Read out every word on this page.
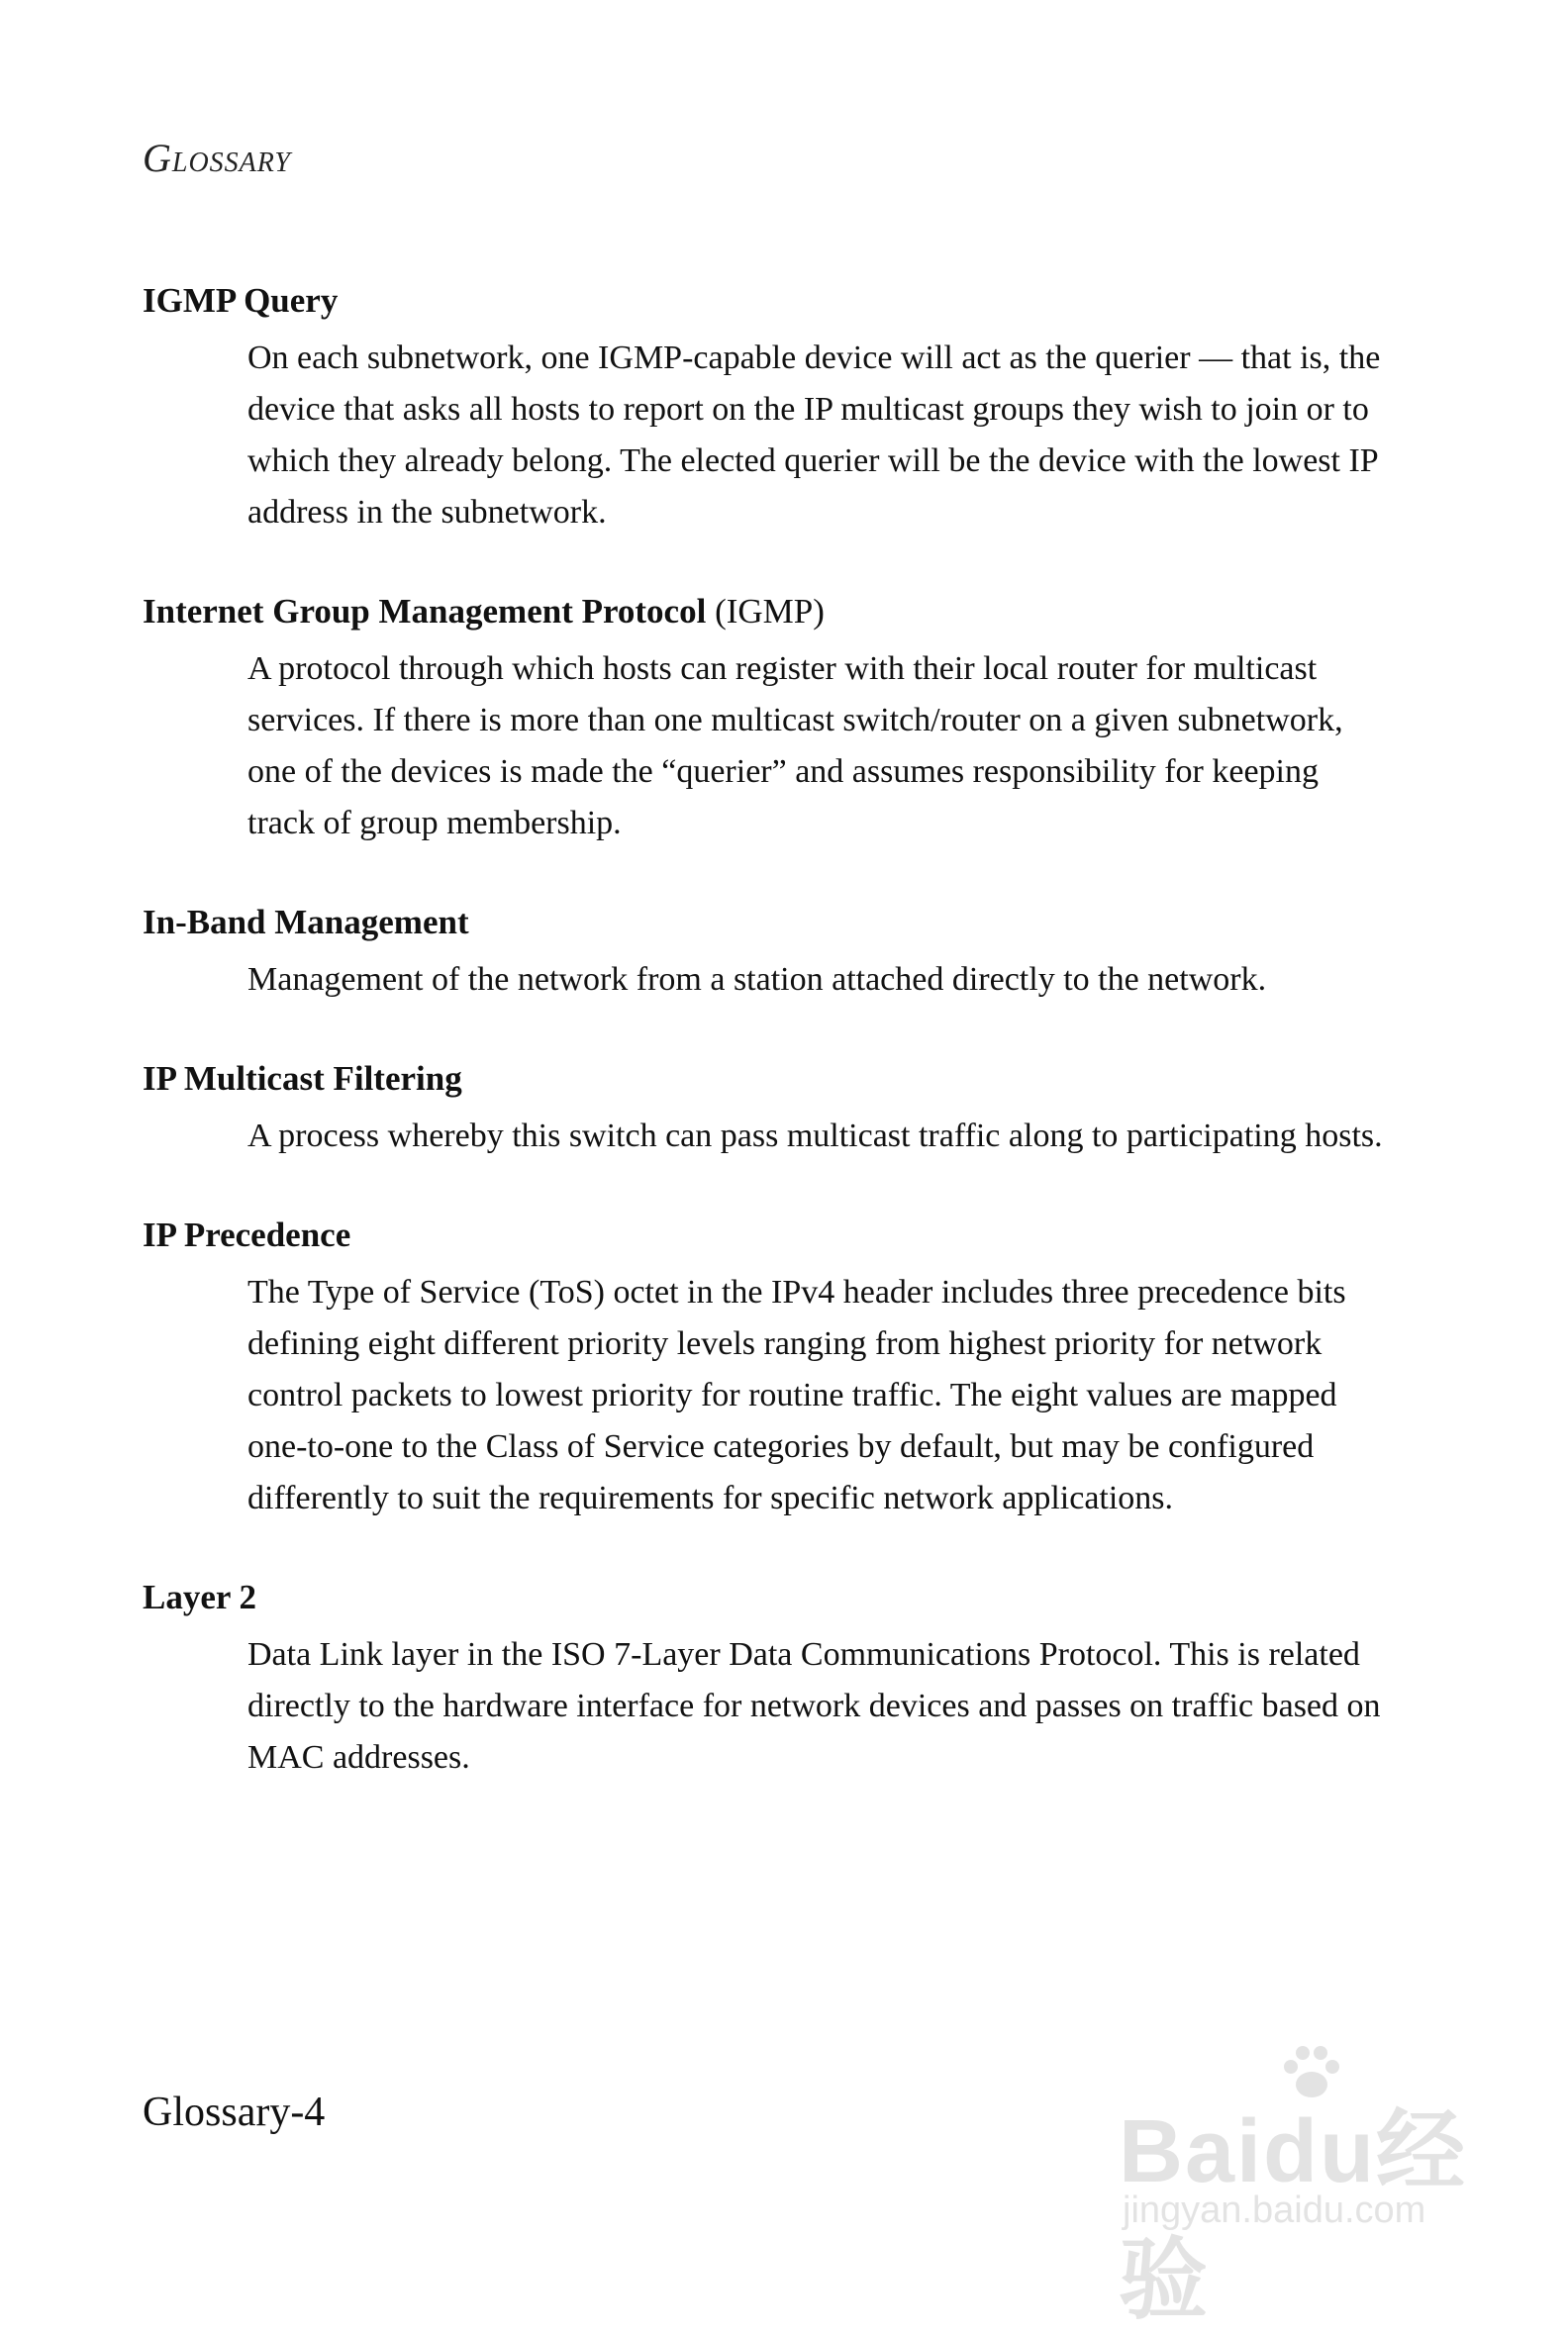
Glossary

IGMP Query

On each subnetwork, one IGMP-capable device will act as the querier — that is, the device that asks all hosts to report on the IP multicast groups they wish to join or to which they already belong. The elected querier will be the device with the lowest IP address in the subnetwork.

Internet Group Management Protocol (IGMP)

A protocol through which hosts can register with their local router for multicast services. If there is more than one multicast switch/router on a given subnetwork, one of the devices is made the “querier” and assumes responsibility for keeping track of group membership.

In-Band Management

Management of the network from a station attached directly to the network.

IP Multicast Filtering

A process whereby this switch can pass multicast traffic along to participating hosts.

IP Precedence

The Type of Service (ToS) octet in the IPv4 header includes three precedence bits defining eight different priority levels ranging from highest priority for network control packets to lowest priority for routine traffic. The eight values are mapped one-to-one to the Class of Service categories by default, but may be configured differently to suit the requirements for specific network applications.

Layer 2

Data Link layer in the ISO 7-Layer Data Communications Protocol. This is related directly to the hardware interface for network devices and passes on traffic based on MAC addresses.
Glossary-4	Baidu经验
jingyan.baidu.com
